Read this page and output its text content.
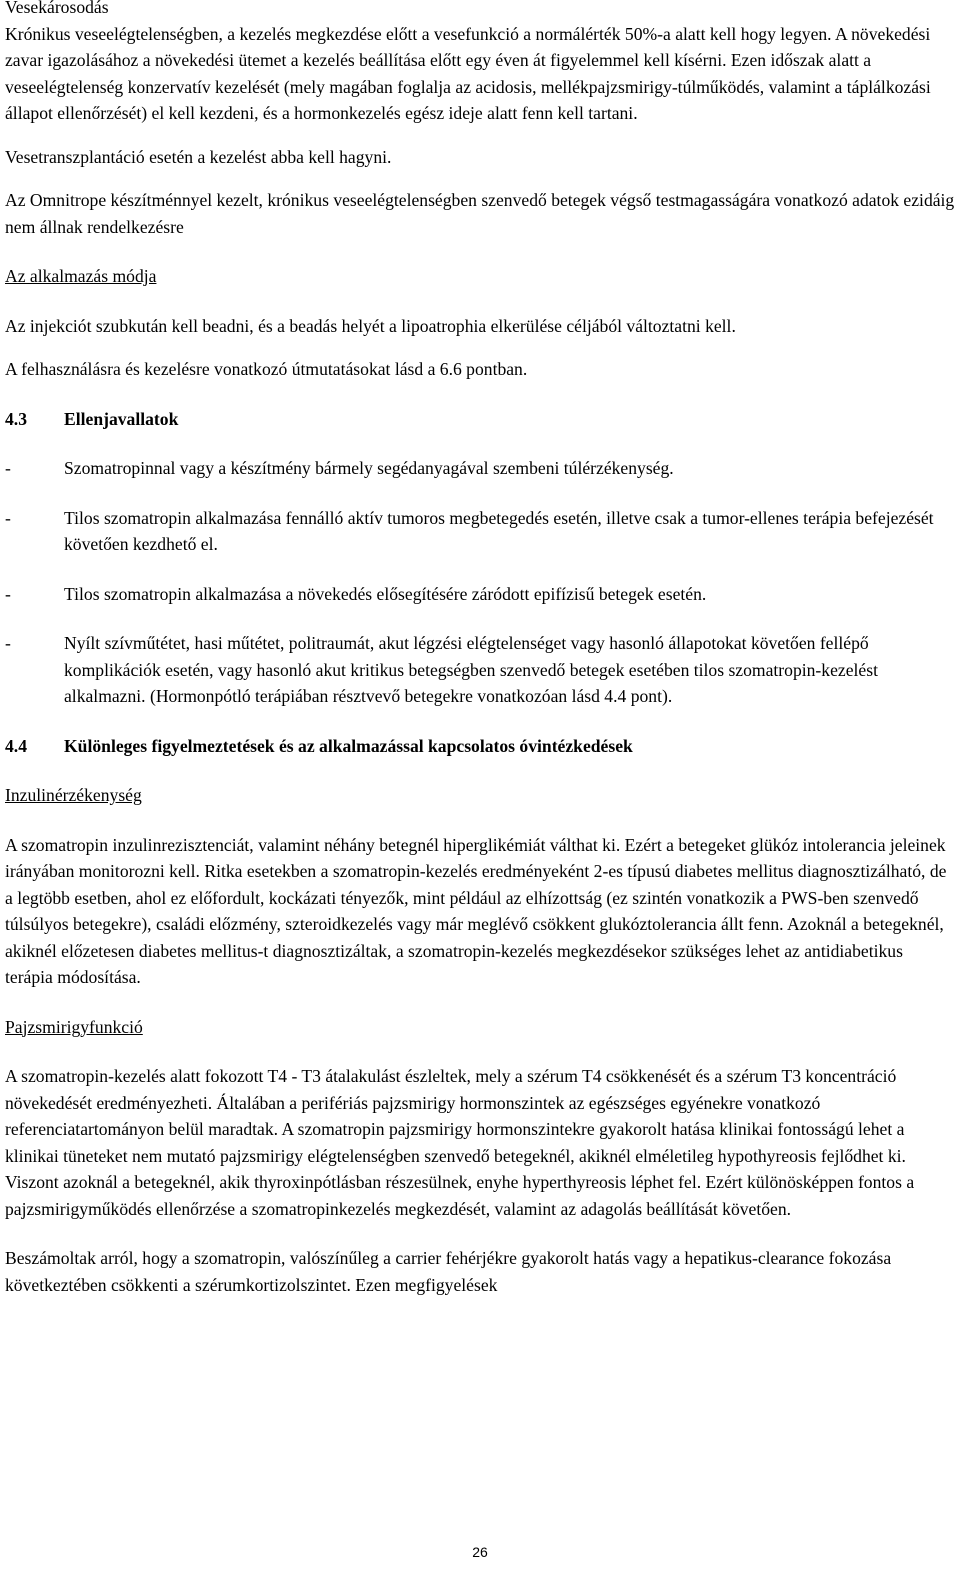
Vesekárosodás

Krónikus veseelégtelenségben, a kezelés megkezdése előtt a vesefunkció a normálérték 50%-a alatt kell hogy legyen. A növekedési zavar igazolásához a növekedési ütemet a kezelés beállítása előtt egy éven át figyelemmel kell kísérni. Ezen időszak alatt a veseelégtelenség konzervatív kezelését (mely magában foglalja az acidosis, mellékpajzsmirigy-túlműködés, valamint a táplálkozási állapot ellenőrzését) el kell kezdeni, és a hormonkezelés egész ideje alatt fenn kell tartani.

Vesetranszplantáció esetén a kezelést abba kell hagyni.

Az Omnitrope készítménnyel kezelt, krónikus veseelégtelenségben szenvedő betegek végső testmagasságára vonatkozó adatok ezidáig nem állnak rendelkezésre

Az alkalmazás módja

Az injekciót szubkután kell beadni, és a beadás helyét a lipoatrophia elkerülése céljából változtatni kell.

A felhasználásra és kezelésre vonatkozó útmutatásokat lásd a 6.6 pontban.

4.3	Ellenjavallatok
-	Szomatropinnal vagy a készítmény bármely segédanyagával szembeni túlérzékenység.
-	Tilos szomatropin alkalmazása fennálló aktív tumoros megbetegedés esetén, illetve csak a tumor-ellenes terápia befejezését követően kezdhető el.
-	Tilos szomatropin alkalmazása a növekedés elősegítésére záródott epifízisű betegek esetén.
-	Nyílt szívműtétet, hasi műtétet, politraumát, akut légzési elégtelenséget vagy hasonló állapotokat követően fellépő komplikációk esetén, vagy hasonló akut kritikus betegségben szenvedő betegek esetében tilos szomatropin-kezelést alkalmazni. (Hormonpótló terápiában résztvevő betegekre vonatkozóan lásd 4.4 pont).
4.4	Különleges figyelmeztetések és az alkalmazással kapcsolatos óvintézkedések

Inzulinérzékenység

A szomatropin inzulinrezisztenciát, valamint néhány betegnél hiperglikémiát válthat ki. Ezért a betegeket glükóz intolerancia jeleinek irányában monitorozni kell. Ritka esetekben a szomatropin-kezelés eredményeként 2-es típusú diabetes mellitus diagnosztizálható, de a legtöbb esetben, ahol ez előfordult, kockázati tényezők, mint például az elhízottság (ez szintén vonatkozik a PWS-ben szenvedő túlsúlyos betegekre), családi előzmény, szteroidkezelés vagy már meglévő csökkent glukóztolerancia állt fenn. Azoknál a betegeknél, akiknél előzetesen diabetes mellitus-t diagnosztizáltak, a szomatropin-kezelés megkezdésekor szükséges lehet az antidiabetikus terápia módosítása.

Pajzsmirigyfunkció

A szomatropin-kezelés alatt fokozott T4 - T3 átalakulást észleltek, mely a szérum T4 csökkenését és a szérum T3 koncentráció növekedését eredményezheti. Általában a perifériás pajzsmirigy hormonszintek az egészséges egyénekre vonatkozó referenciatartományon belül maradtak. A szomatropin pajzsmirigy hormonszintekre gyakorolt hatása klinikai fontosságú lehet a klinikai tüneteket nem mutató pajzsmirigy elégtelenségben szenvedő betegeknél, akiknél elméletileg hypothyreosis fejlődhet ki. Viszont azoknál a betegeknél, akik thyroxinpótlásban részesülnek, enyhe hyperthyreosis léphet fel. Ezért különösképpen fontos a pajzsmirigyműködés ellenőrzése a szomatropinkezelés megkezdését, valamint az adagolás beállítását követően.

Beszámoltak arról, hogy a szomatropin, valószínűleg a carrier fehérjékre gyakorolt hatás vagy a hepatikus-clearance fokozása következtében csökkenti a szérumkortizolszintet. Ezen megfigyelések

26
